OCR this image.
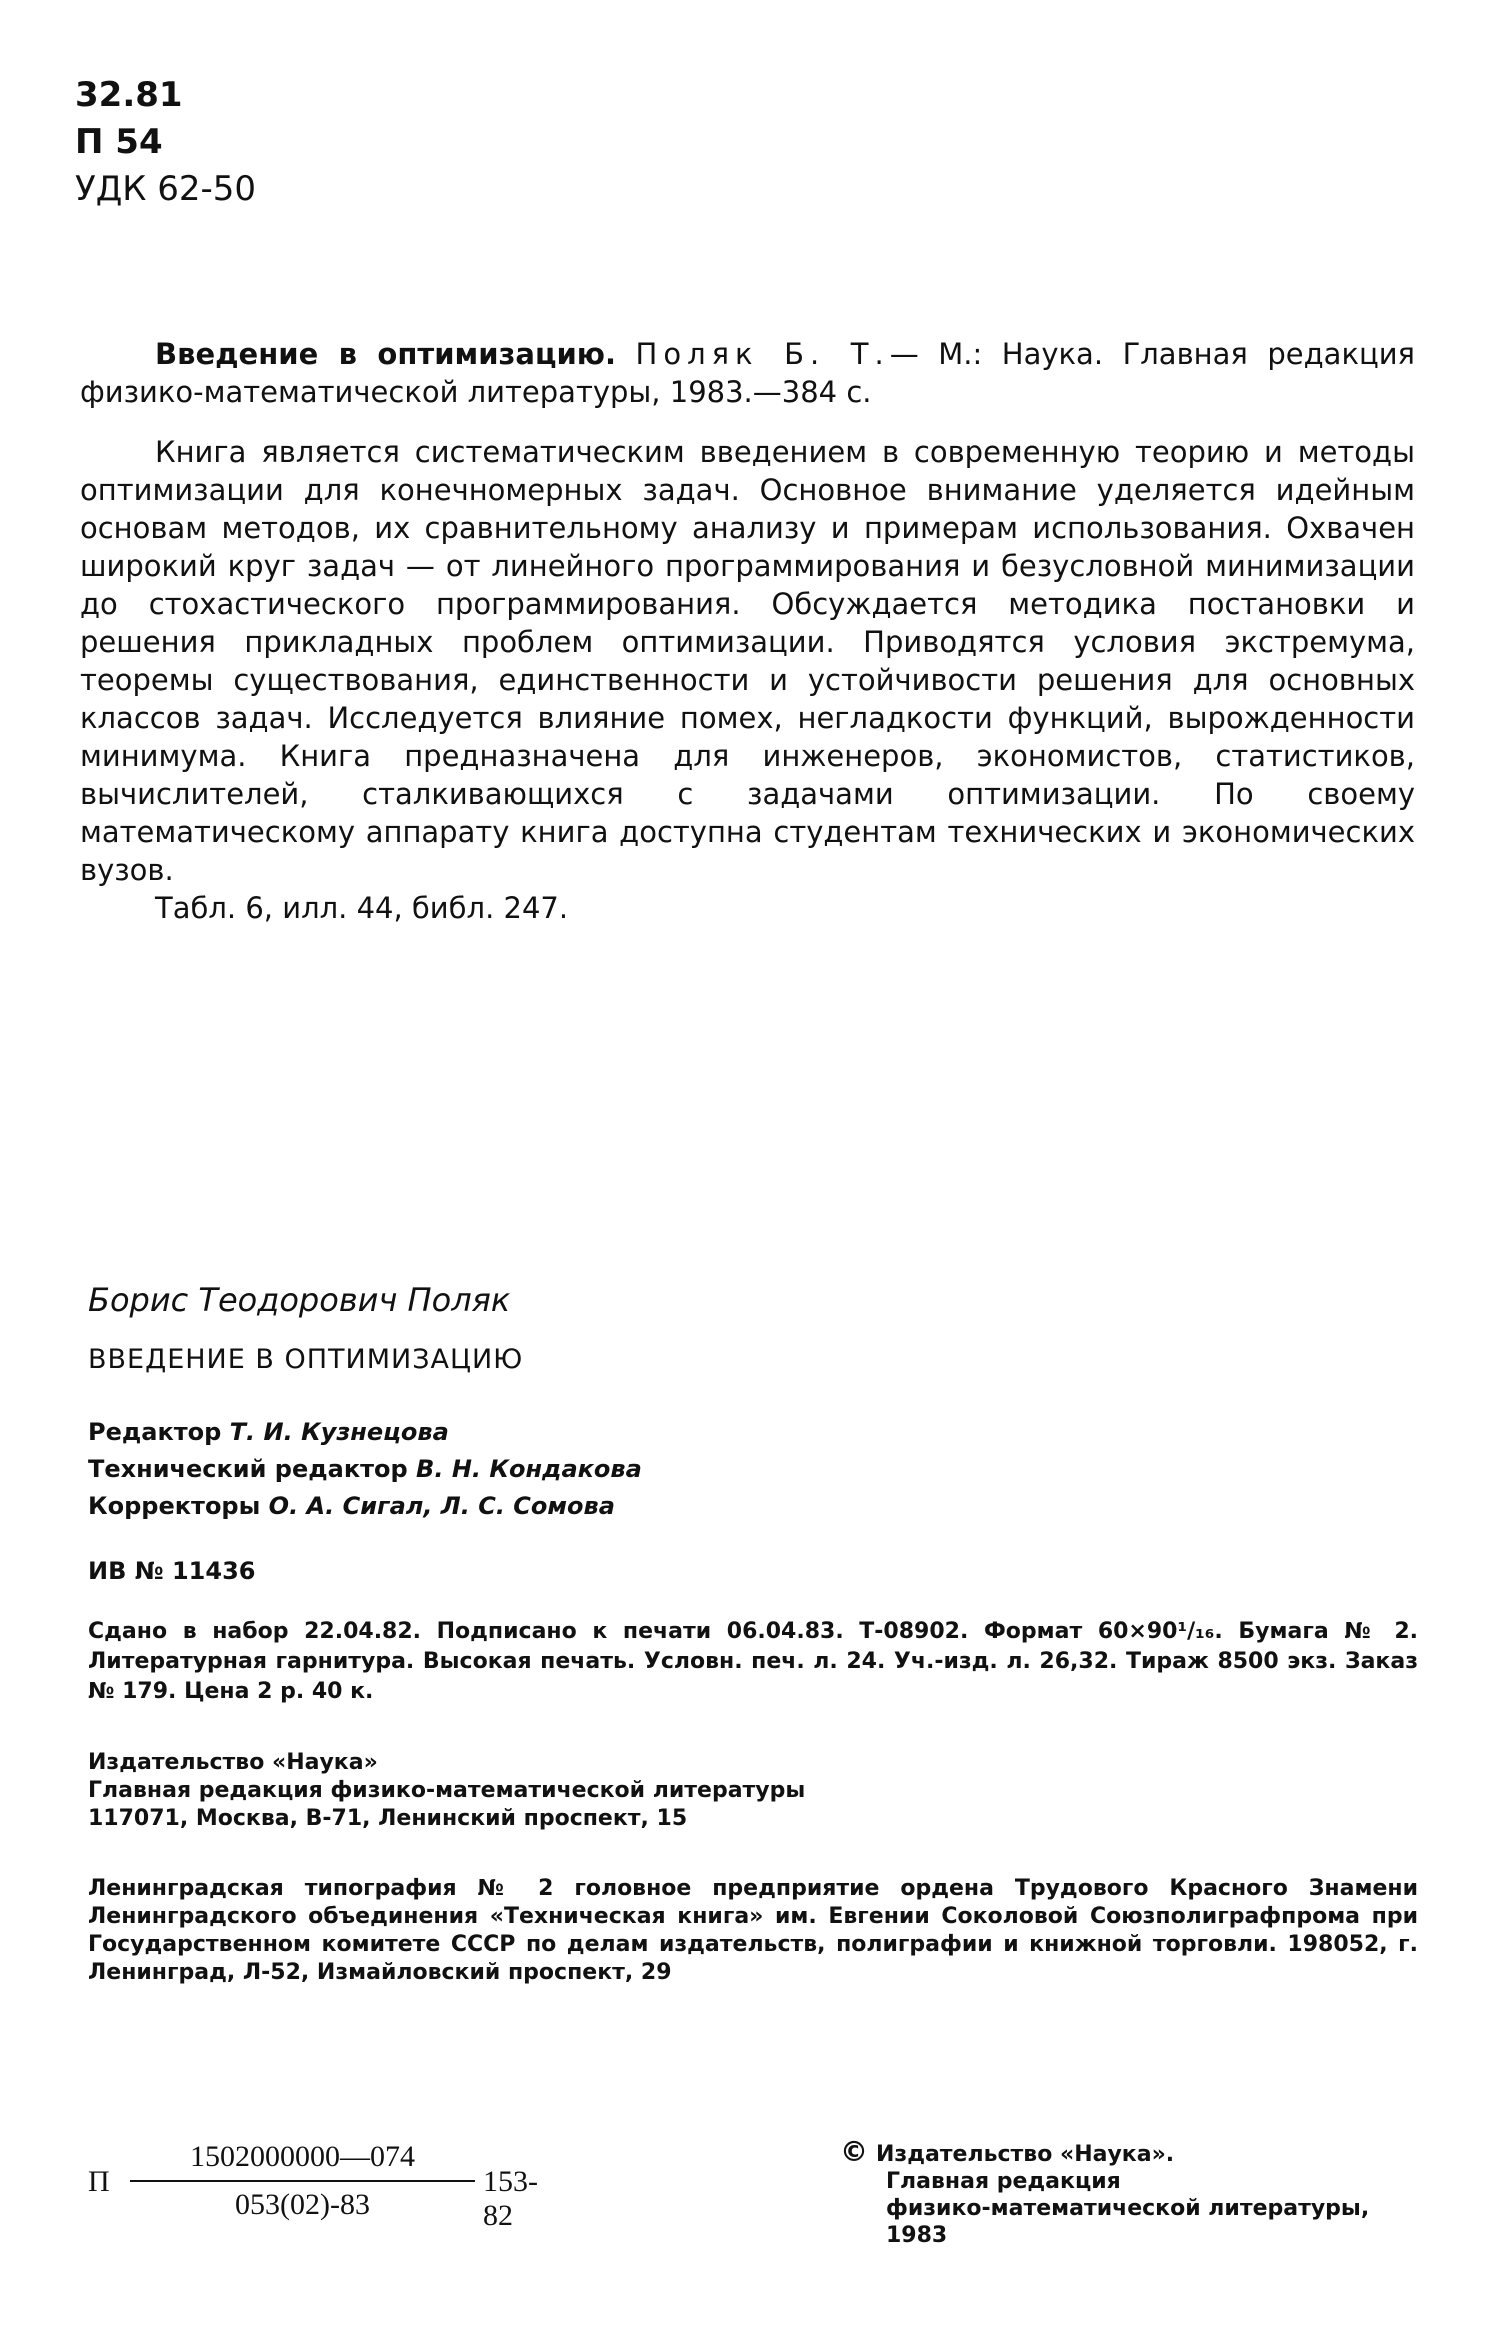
32.81
П 54
УДК 62-50

Введение в оптимизацию. Поляк Б. Т.— М.: Наука. Главная редакция физико-математической литературы, 1983.—384 с.

Книга является систематическим введением в современную теорию и методы оптимизации для конечномерных задач. Основное внимание уделяется идейным основам методов, их сравнительному анализу и примерам использования. Охвачен широкий круг задач — от линейного программирования и безусловной минимизации до стохастического программирования. Обсуждается методика постановки и решения прикладных проблем оптимизации. Приводятся условия экстремума, теоремы существования, единственности и устойчивости решения для основных классов задач. Исследуется влияние помех, негладкости функций, вырожденности минимума. Книга предназначена для инженеров, экономистов, статистиков, вычислителей, сталкивающихся с задачами оптимизации. По своему математическому аппарату книга доступна студентам технических и экономических вузов.

Табл. 6, илл. 44, библ. 247.

Борис Теодорович Поляк

ВВЕДЕНИЕ В ОПТИМИЗАЦИЮ
Редактор Т. И. Кузнецова
Технический редактор В. Н. Кондакова
Корректоры О. А. Сигал, Л. С. Сомова
ИВ № 11436
Сдано в набор 22.04.82. Подписано к печати 06.04.83. Т-08902. Формат 60×90¹/₁₆. Бумага № 2. Литературная гарнитура. Высокая печать. Условн. печ. л. 24. Уч.-изд. л. 26,32. Тираж 8500 экз. Заказ № 179. Цена 2 р. 40 к.
Издательство «Наука»
Главная редакция физико-математической литературы
117071, Москва, В-71, Ленинский проспект, 15
Ленинградская типография № 2 головное предприятие ордена Трудового Красного Знамени Ленинградского объединения «Техническая книга» им. Евгении Соколовой Союзполиграфпрома при Государственном комитете СССР по делам издательств, полиграфии и книжной торговли. 198052, г. Ленинград, Л-52, Измайловский проспект, 29
П
1502000000—074
053(02)-83
153-82
© Издательство «Наука».
Главная редакция
физико-математической литературы,
1983
